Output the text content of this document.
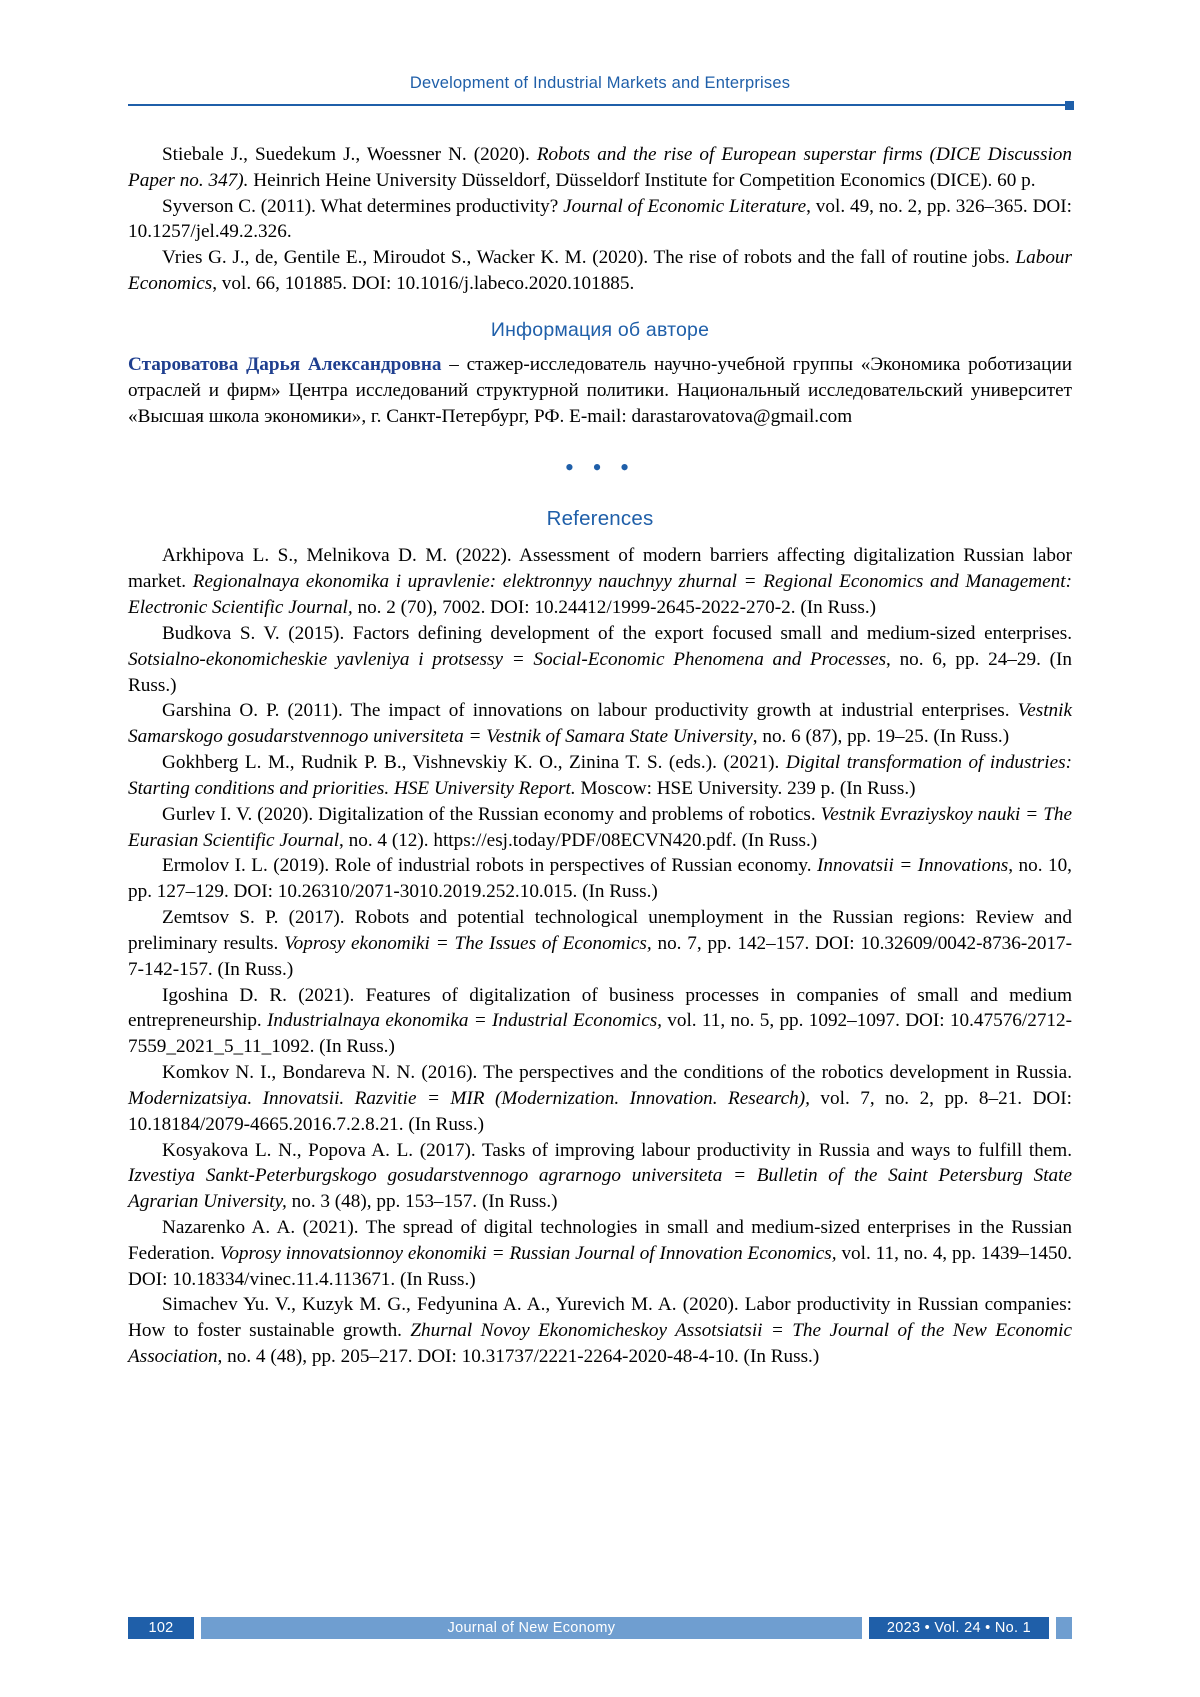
Development of Industrial Markets and Enterprises

Stiebale J., Suedekum J., Woessner N. (2020). Robots and the rise of European superstar firms (DICE Discussion Paper no. 347). Heinrich Heine University Düsseldorf, Düsseldorf Institute for Competition Economics (DICE). 60 p.

Syverson C. (2011). What determines productivity? Journal of Economic Literature, vol. 49, no. 2, pp. 326–365. DOI: 10.1257/jel.49.2.326.

Vries G. J., de, Gentile E., Miroudot S., Wacker K. M. (2020). The rise of robots and the fall of routine jobs. Labour Economics, vol. 66, 101885. DOI: 10.1016/j.labeco.2020.101885.

Информация об авторе

Староватова Дарья Александровна – стажер-исследователь научно-учебной группы «Экономика роботизации отраслей и фирм» Центра исследований структурной политики. Национальный исследовательский университет «Высшая школа экономики», г. Санкт-Петербург, РФ. E-mail: darastarovatova@gmail.com

• • •
References

Arkhipova L. S., Melnikova D. M. (2022). Assessment of modern barriers affecting digitalization Russian labor market. Regionalnaya ekonomika i upravlenie: elektronnyy nauchnyy zhurnal = Regional Economics and Management: Electronic Scientific Journal, no. 2 (70), 7002. DOI: 10.24412/1999-2645-2022-270-2. (In Russ.)

Budkova S. V. (2015). Factors defining development of the export focused small and medium-sized enterprises. Sotsialno-ekonomicheskie yavleniya i protsessy = Social-Economic Phenomena and Processes, no. 6, pp. 24–29. (In Russ.)

Garshina O. P. (2011). The impact of innovations on labour productivity growth at industrial enterprises. Vestnik Samarskogo gosudarstvennogo universiteta = Vestnik of Samara State University, no. 6 (87), pp. 19–25. (In Russ.)

Gokhberg L. M., Rudnik P. B., Vishnevskiy K. O., Zinina T. S. (eds.). (2021). Digital transformation of industries: Starting conditions and priorities. HSE University Report. Moscow: HSE University. 239 p. (In Russ.)

Gurlev I. V. (2020). Digitalization of the Russian economy and problems of robotics. Vestnik Evraziyskoy nauki = The Eurasian Scientific Journal, no. 4 (12). https://esj.today/PDF/08ECVN420.pdf. (In Russ.)

Ermolov I. L. (2019). Role of industrial robots in perspectives of Russian economy. Innovatsii = Innovations, no. 10, pp. 127–129. DOI: 10.26310/2071-3010.2019.252.10.015. (In Russ.)

Zemtsov S. P. (2017). Robots and potential technological unemployment in the Russian regions: Review and preliminary results. Voprosy ekonomiki = The Issues of Economics, no. 7, pp. 142–157. DOI: 10.32609/0042-8736-2017-7-142-157. (In Russ.)

Igoshina D. R. (2021). Features of digitalization of business processes in companies of small and medium entrepreneurship. Industrialnaya ekonomika = Industrial Economics, vol. 11, no. 5, pp. 1092–1097. DOI: 10.47576/2712-7559_2021_5_11_1092. (In Russ.)

Komkov N. I., Bondareva N. N. (2016). The perspectives and the conditions of the robotics development in Russia. Modernizatsiya. Innovatsii. Razvitie = MIR (Modernization. Innovation. Research), vol. 7, no. 2, pp. 8–21. DOI: 10.18184/2079-4665.2016.7.2.8.21. (In Russ.)

Kosyakova L. N., Popova A. L. (2017). Tasks of improving labour productivity in Russia and ways to fulfill them. Izvestiya Sankt-Peterburgskogo gosudarstvennogo agrarnogo universiteta = Bulletin of the Saint Petersburg State Agrarian University, no. 3 (48), pp. 153–157. (In Russ.)

Nazarenko A. A. (2021). The spread of digital technologies in small and medium-sized enterprises in the Russian Federation. Voprosy innovatsionnoy ekonomiki = Russian Journal of Innovation Economics, vol. 11, no. 4, pp. 1439–1450. DOI: 10.18334/vinec.11.4.113671. (In Russ.)

Simachev Yu. V., Kuzyk M. G., Fedyunina A. A., Yurevich M. A. (2020). Labor productivity in Russian companies: How to foster sustainable growth. Zhurnal Novoy Ekonomicheskoy Assotsiatsii = The Journal of the New Economic Association, no. 4 (48), pp. 205–217. DOI: 10.31737/2221-2264-2020-48-4-10. (In Russ.)

102	Journal of New Economy	2023 • Vol. 24 • No. 1
